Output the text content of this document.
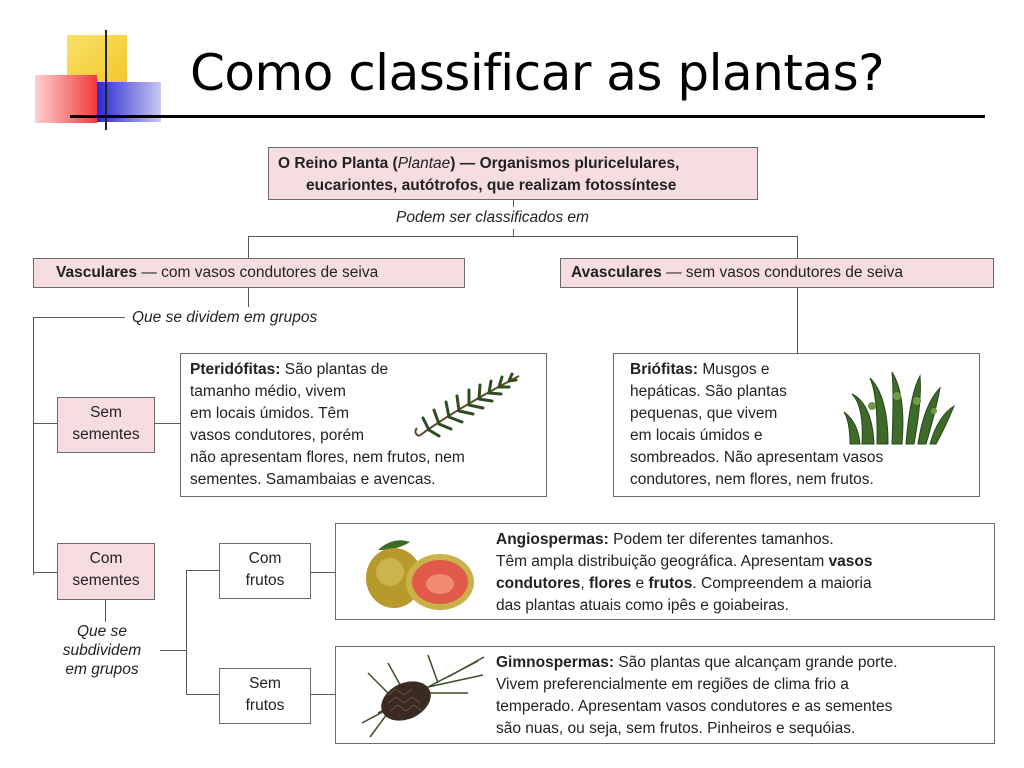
Como classificar as plantas?
O Reino Planta (Plantae) — Organismos pluricelulares,
eucariontes, autótrofos, que realizam fotossíntese
Podem ser classificados em
Vasculares — com vasos condutores de seiva	Avasculares — sem vasos condutores de seiva
Que se dividem em grupos
Sem
sementes
Com
sementes
Que se
subdividem
em grupos
Com
frutos
Sem
frutos
Pteridófitas: São plantas de
tamanho médio, vivem
em locais úmidos. Têm
vasos condutores, porém
não apresentam flores, nem frutos, nem
sementes. Samambaias e avencas.
Briófitas: Musgos e
hepáticas. São plantas
pequenas, que vivem
em locais úmidos e
sombreados. Não apresentam vasos
condutores, nem flores, nem frutos.
Angiospermas: Podem ter diferentes tamanhos.
Têm ampla distribuição geográfica. Apresentam vasos
condutores, flores e frutos. Compreendem a maioria
das plantas atuais como ipês e goiabeiras.
Gimnospermas: São plantas que alcançam grande porte.
Vivem preferencialmente em regiões de clima frio a
temperado. Apresentam vasos condutores e as sementes
são nuas, ou seja, sem frutos. Pinheiros e sequóias.
